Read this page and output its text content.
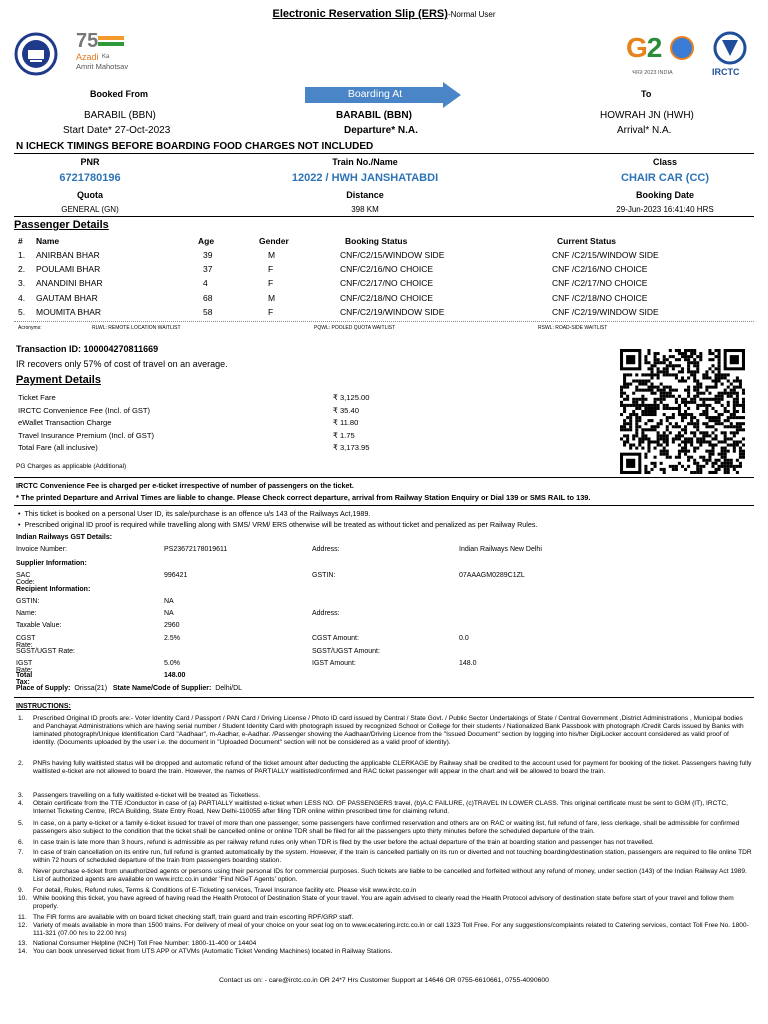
Electronic Reservation Slip (ERS)-Normal User
75
Azadi Ka
Amrit Mahotsav
G2
भारत 2023 INDIA	IRCTC
Booked From	Boarding At	To
BARABIL (BBN)	BARABIL (BBN)	HOWRAH JN (HWH)
Start Date* 27-Oct-2023	Departure* N.A.	Arrival* N.A.
N ICHECK TIMINGS BEFORE BOARDING FOOD CHARGES NOT INCLUDED
PNR	Train No./Name	Class
6721780196	12022 / HWH JANSHATABDI	CHAIR CAR (CC)
Quota	Distance	Booking Date
GENERAL (GN)	398 KM	29-Jun-2023 16:41:40 HRS
Passenger Details
# Name	Age	Gender	Booking Status	Current Status
1. ANIRBAN BHAR	39	M	CNF/C2/15/WINDOW SIDE	CNF /C2/15/WINDOW SIDE
2. POULAMI BHAR	37	F	CNF/C2/16/NO CHOICE	CNF /C2/16/NO CHOICE
3. ANANDINI BHAR	4	F	CNF/C2/17/NO CHOICE	CNF /C2/17/NO CHOICE
4. GAUTAM BHAR	68	M	CNF/C2/18/NO CHOICE	CNF /C2/18/NO CHOICE
5. MOUMITA BHAR	58	F	CNF/C2/19/WINDOW SIDE	CNF /C2/19/WINDOW SIDE
Acronyms:	RLWL: REMOTE LOCATION WAITLIST	PQWL: POOLED QUOTA WAITLIST	RSWL: ROAD-SIDE WAITLIST
Transaction ID: 100004270811669
IR recovers only 57% of cost of travel on an average.
Payment Details
Ticket Fare	₹ 3,125.00
IRCTC Convenience Fee (Incl. of GST)	₹ 35.40
eWallet Transaction Charge	₹ 11.80
Travel Insurance Premium (Incl. of GST)	₹ 1.75
Total Fare (all inclusive)	₹ 3,173.95
PG Charges as applicable (Additional)
IRCTC Convenience Fee is charged per e-ticket irrespective of number of passengers on the ticket.
* The printed Departure and Arrival Times are liable to change. Please Check correct departure, arrival from Railway Station Enquiry or Dial 139 or SMS RAIL to 139.
•  This ticket is booked on a personal User ID, its sale/purchase is an offence u/s 143 of the Railways Act,1989.
•  Prescribed original ID proof is required while travelling along with SMS/ VRM/ ERS otherwise will be treated as without ticket and penalized as per Railway Rules.
Indian Railways GST Details:
Invoice Number:	PS23672178019611	Address:	Indian Railways New Delhi
Supplier Information:
SAC Code:
996421	GSTIN:	07AAAGM0289C1ZL
Recipient Information:
GSTIN:	NA
Name:	NA	Address:
Taxable Value:	2960
CGST Rate:
2.5%	CGST Amount:	0.0
SGST/UGST Rate:	SGST/UGST Amount:
IGST Rate:
5.0%	IGST Amount:	148.0
Total Tax:
148.00
Place of Supply: Orissa(21) State Name/Code of Supplier: Delhi/DL
INSTRUCTIONS:
1. Prescribed Original ID proofs are:- Voter Identity Card / Passport / PAN Card / Driving License / Photo ID card issued by Central / State Govt. / Public Sector Undertakings of State / Central Government ,District Administrations , Municipal bodies and Panchayat Administrations which are having serial number / Student Identity Card with photograph issued by recognized School or College for their students / Nationalized Bank Passbook with photograph /Credit Cards issued by Banks with laminated photograph/Unique Identification Card "Aadhaar", m-Aadhar, e-Aadhar. /Passenger showing the Aadhaar/Driving Licence from the "Issued Document" section by logging into his/her DigiLocker account considered as valid proof of identity. (Documents uploaded by the user i.e. the document in "Uploaded Document" section will not be considered as a valid proof of identity).
2. PNRs having fully waitlisted status will be dropped and automatic refund of the ticket amount after deducting the applicable CLERKAGE by Railway shall be credited to the account used for payment for booking of the ticket. Passengers having fully waitlisted e-ticket are not allowed to board the train. However, the names of PARTIALLY waitlisted/confirmed and RAC ticket passenger will appear in the chart and will be allowed to board the train.
3. Passengers travelling on a fully waitlisted e-ticket will be treated as Ticketless.
4. Obtain certificate from the TTE /Conductor in case of (a) PARTIALLY waitlisted e-ticket when LESS NO. OF PASSENGERS travel, (b)A.C FAILURE, (c)TRAVEL IN LOWER CLASS. This original certificate must be sent to GGM (IT), IRCTC, Internet Ticketing Centre, IRCA Building, State Entry Road, New Delhi-110055 after filing TDR online within prescribed time for claiming refund.
5. In case, on a party e-ticket or a family e-ticket issued for travel of more than one passenger, some passengers have confirmed reservation and others are on RAC or waiting list, full refund of fare, less clerkage, shall be admissible for confirmed passengers also subject to the condition that the ticket shall be cancelled online or online TDR shall be filed for all the passengers upto thirty minutes before the scheduled departure of the train.
6. In case train is late more than 3 hours, refund is admissible as per railway refund rules only when TDR is filed by the user before the actual departure of the train at boarding station and passenger has not travelled.
7. In case of train cancellation on its entire run, full refund is granted automatically by the system. However, if the train is cancelled partially on its run or diverted and not touching boarding/destination station, passengers are required to file online TDR within 72 hours of scheduled departure of the train from passengers boarding station.
8. Never purchase e-ticket from unauthorized agents or persons using their personal IDs for commercial purposes. Such tickets are liable to be cancelled and forfeited without any refund of money, under section (143) of the Indian Railway Act 1989. List of authorized agents are available on www.irctc.co.in under 'Find NGeT Agents' option.
9. For detail, Rules, Refund rules, Terms & Conditions of E-Ticketing services, Travel Insurance facility etc. Please visit www.irctc.co.in
10. While booking this ticket, you have agreed of having read the Health Protocol of Destination State of your travel. You are again advised to clearly read the Health Protocol advisory of destination state before start of your travel and follow them properly.
11. The FIR forms are available with on board ticket checking staff, train guard and train escorting RPF/GRP staff.
12. Variety of meals available in more than 1500 trains. For delivery of meal of your choice on your seat log on to www.ecatering.irctc.co.in or call 1323 Toll Free. For any suggestions/complaints related to Catering services, contact Toll Free No. 1800-111-321 (07.00 hrs to 22.00 hrs)
13. National Consumer Helpline (NCH) Toll Free Number: 1800-11-400 or 14404
14. You can book unreserved ticket from UTS APP or ATVMs (Automatic Ticket Vending Machines) located in Railway Stations.
Contact us on: - care@irctc.co.in OR 24*7 Hrs Customer Support at 14646 OR 0755-6610661, 0755-4090600
